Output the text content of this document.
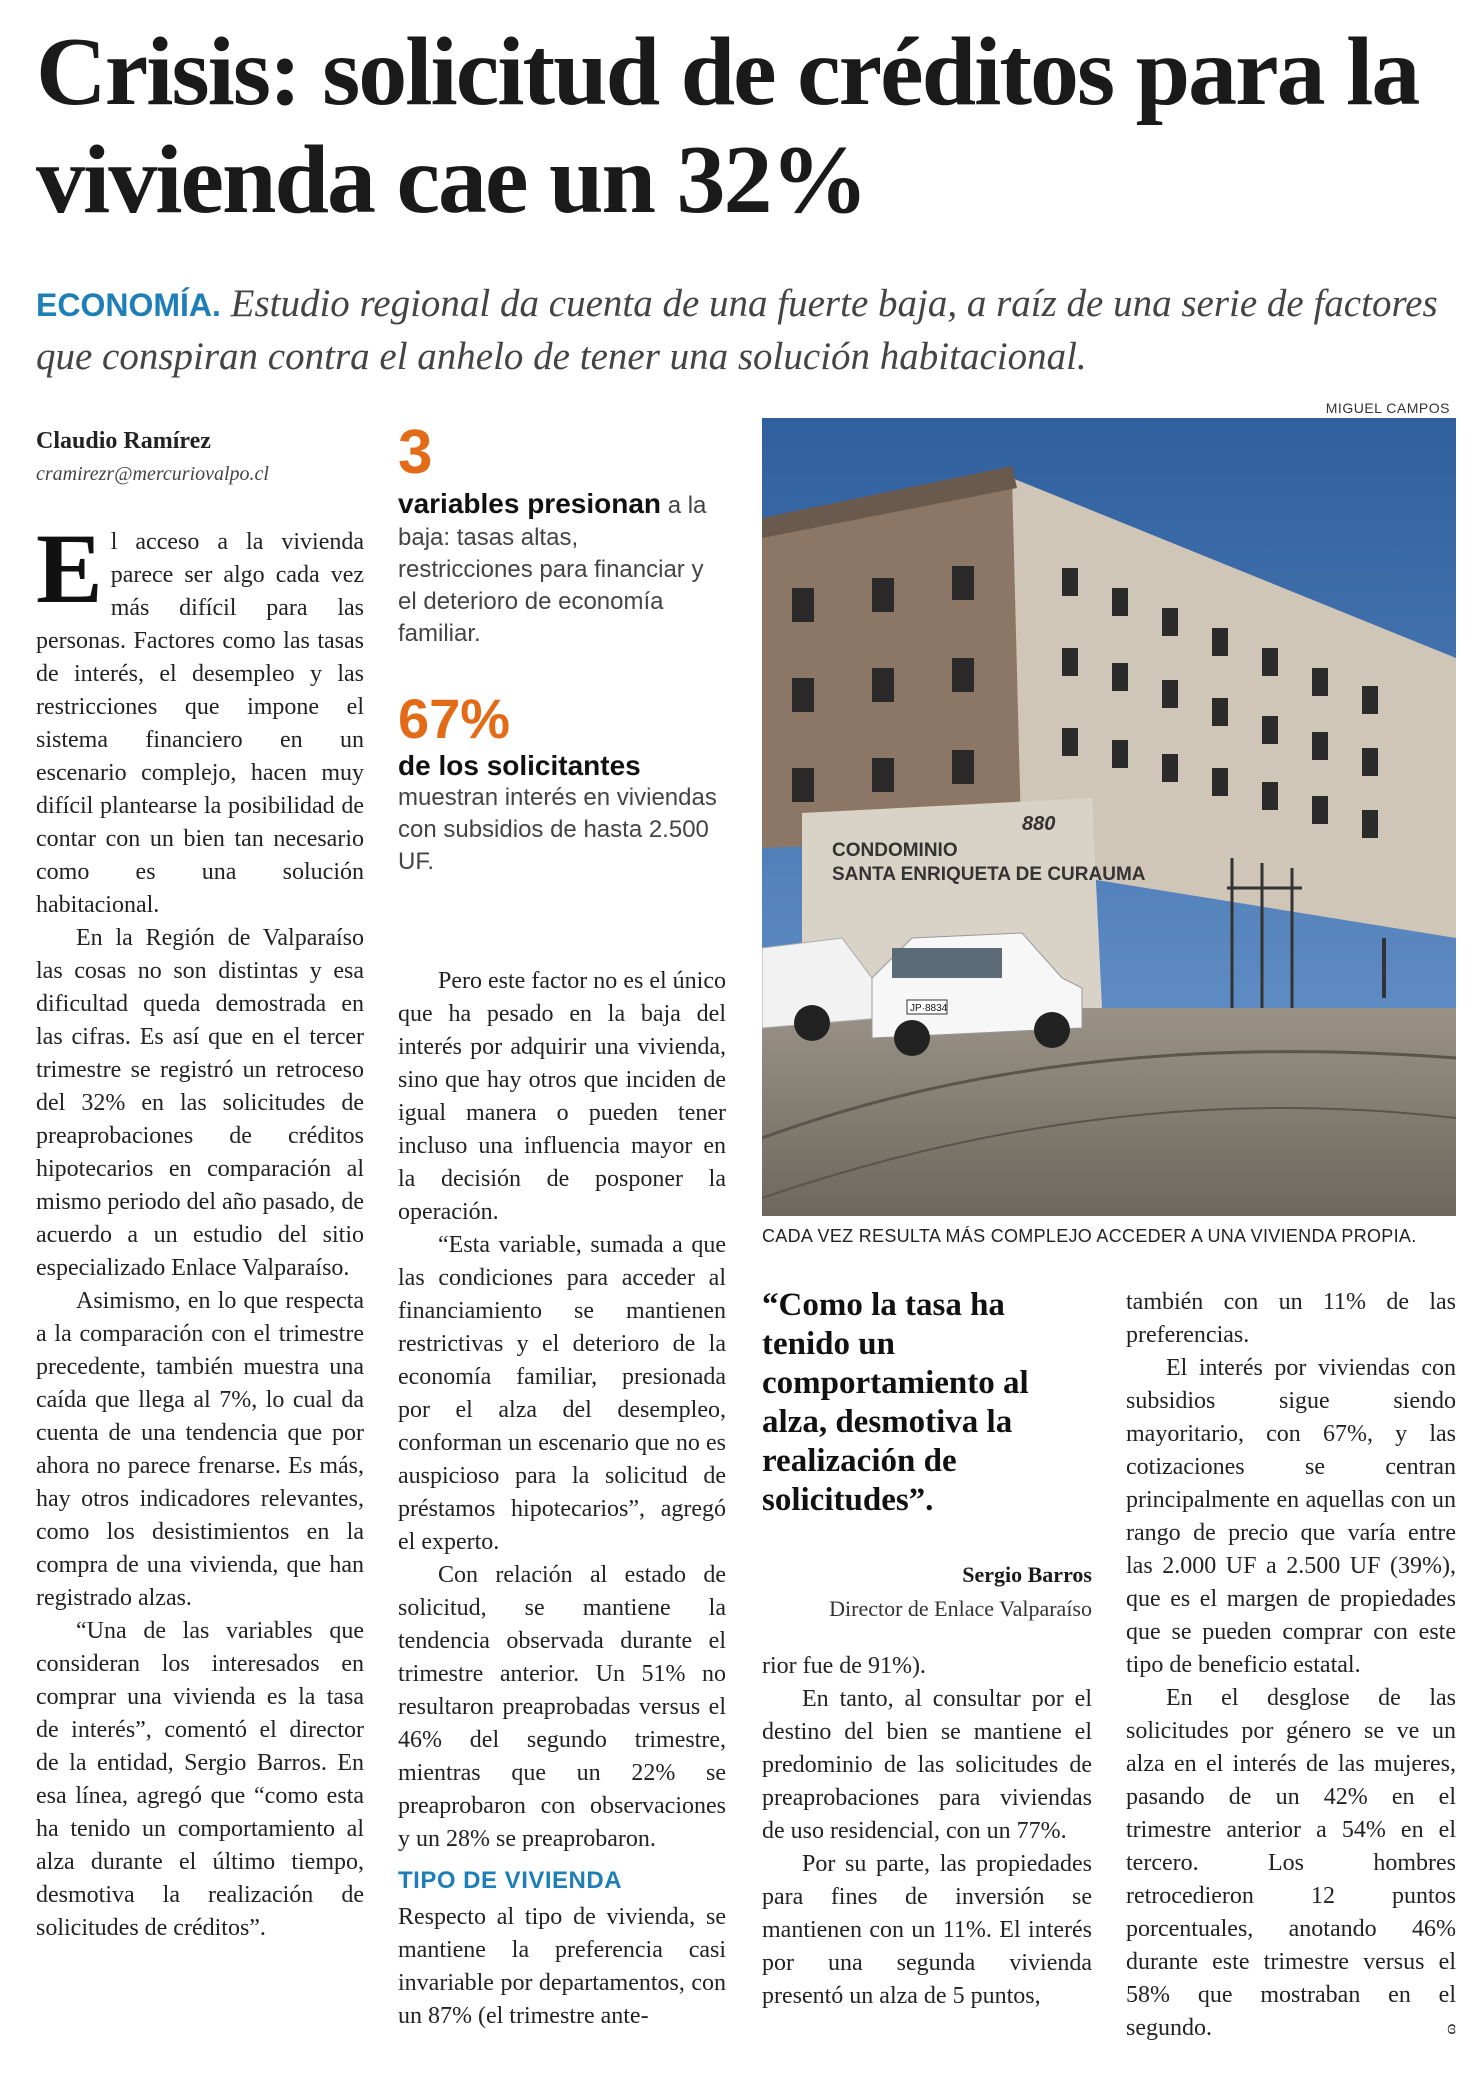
Crisis: solicitud de créditos para la vivienda cae un 32%
ECONOMÍA. Estudio regional da cuenta de una fuerte baja, a raíz de una serie de factores que conspiran contra el anhelo de tener una solución habitacional.
MIGUEL CAMPOS
Claudio Ramírez
cramirezr@mercuriovalpo.cl

El acceso a la vivienda parece ser algo cada vez más difícil para las personas. Factores como las tasas de interés, el desempleo y las restricciones que impone el sistema financiero en un escenario complejo, hacen muy difícil plantearse la posibilidad de contar con un bien tan necesario como es una solución habitacional.

En la Región de Valparaíso las cosas no son distintas y esa dificultad queda demostrada en las cifras. Es así que en el tercer trimestre se registró un retroceso del 32% en las solicitudes de preaprobaciones de créditos hipotecarios en comparación al mismo periodo del año pasado, de acuerdo a un estudio del sitio especializado Enlace Valparaíso.

Asimismo, en lo que respecta a la comparación con el trimestre precedente, también muestra una caída que llega al 7%, lo cual da cuenta de una tendencia que por ahora no parece frenarse. Es más, hay otros indicadores relevantes, como los desistimientos en la compra de una vivienda, que han registrado alzas.

“Una de las variables que consideran los interesados en comprar una vivienda es la tasa de interés”, comentó el director de la entidad, Sergio Barros. En esa línea, agregó que “como esta ha tenido un comportamiento al alza durante el último tiempo, desmotiva la realización de solicitudes de créditos”.

3
variables presionan a la baja: tasas altas, restricciones para financiar y el deterioro de economía familiar.
67%
de los solicitantes
muestran interés en viviendas con subsidios de hasta 2.500 UF.

Pero este factor no es el único que ha pesado en la baja del interés por adquirir una vivienda, sino que hay otros que inciden de igual manera o pueden tener incluso una influencia mayor en la decisión de posponer la operación.

“Esta variable, sumada a que las condiciones para acceder al financiamiento se mantienen restrictivas y el deterioro de la economía familiar, presionada por el alza del desempleo, conforman un escenario que no es auspicioso para la solicitud de préstamos hipotecarios”, agregó el experto.

Con relación al estado de solicitud, se mantiene la tendencia observada durante el trimestre anterior. Un 51% no resultaron preaprobadas versus el 46% del segundo trimestre, mientras que un 22% se preaprobaron con observaciones y un 28% se preaprobaron.

TIPO DE VIVIENDA

Respecto al tipo de vivienda, se mantiene la preferencia casi invariable por departamentos, con un 87% (el trimestre ante-

880
CONDOMINIO
SANTA ENRIQUETA DE CURAUMA
JP·8834
CADA VEZ RESULTA MÁS COMPLEJO ACCEDER A UNA VIVIENDA PROPIA.
“Como la tasa ha tenido un comportamiento al alza, desmotiva la realización de solicitudes”.
Sergio Barros
Director de Enlace Valparaíso

rior fue de 91%).

En tanto, al consultar por el destino del bien se mantiene el predominio de las solicitudes de preaprobaciones para viviendas de uso residencial, con un 77%.

Por su parte, las propiedades para fines de inversión se mantienen con un 11%. El interés por una segunda vivienda presentó un alza de 5 puntos,

también con un 11% de las preferencias.

El interés por viviendas con subsidios sigue siendo mayoritario, con 67%, y las cotizaciones se centran principalmente en aquellas con un rango de precio que varía entre las 2.000 UF a 2.500 UF (39%), que es el margen de propiedades que se pueden comprar con este tipo de beneficio estatal.

En el desglose de las solicitudes por género se ve un alza en el interés de las mujeres, pasando de un 42% en el trimestre anterior a 54% en el tercero. Los hombres retrocedieron 12 puntos porcentuales, anotando 46% durante este trimestre versus el 58% que mostraban en el segundo.	ɞ
